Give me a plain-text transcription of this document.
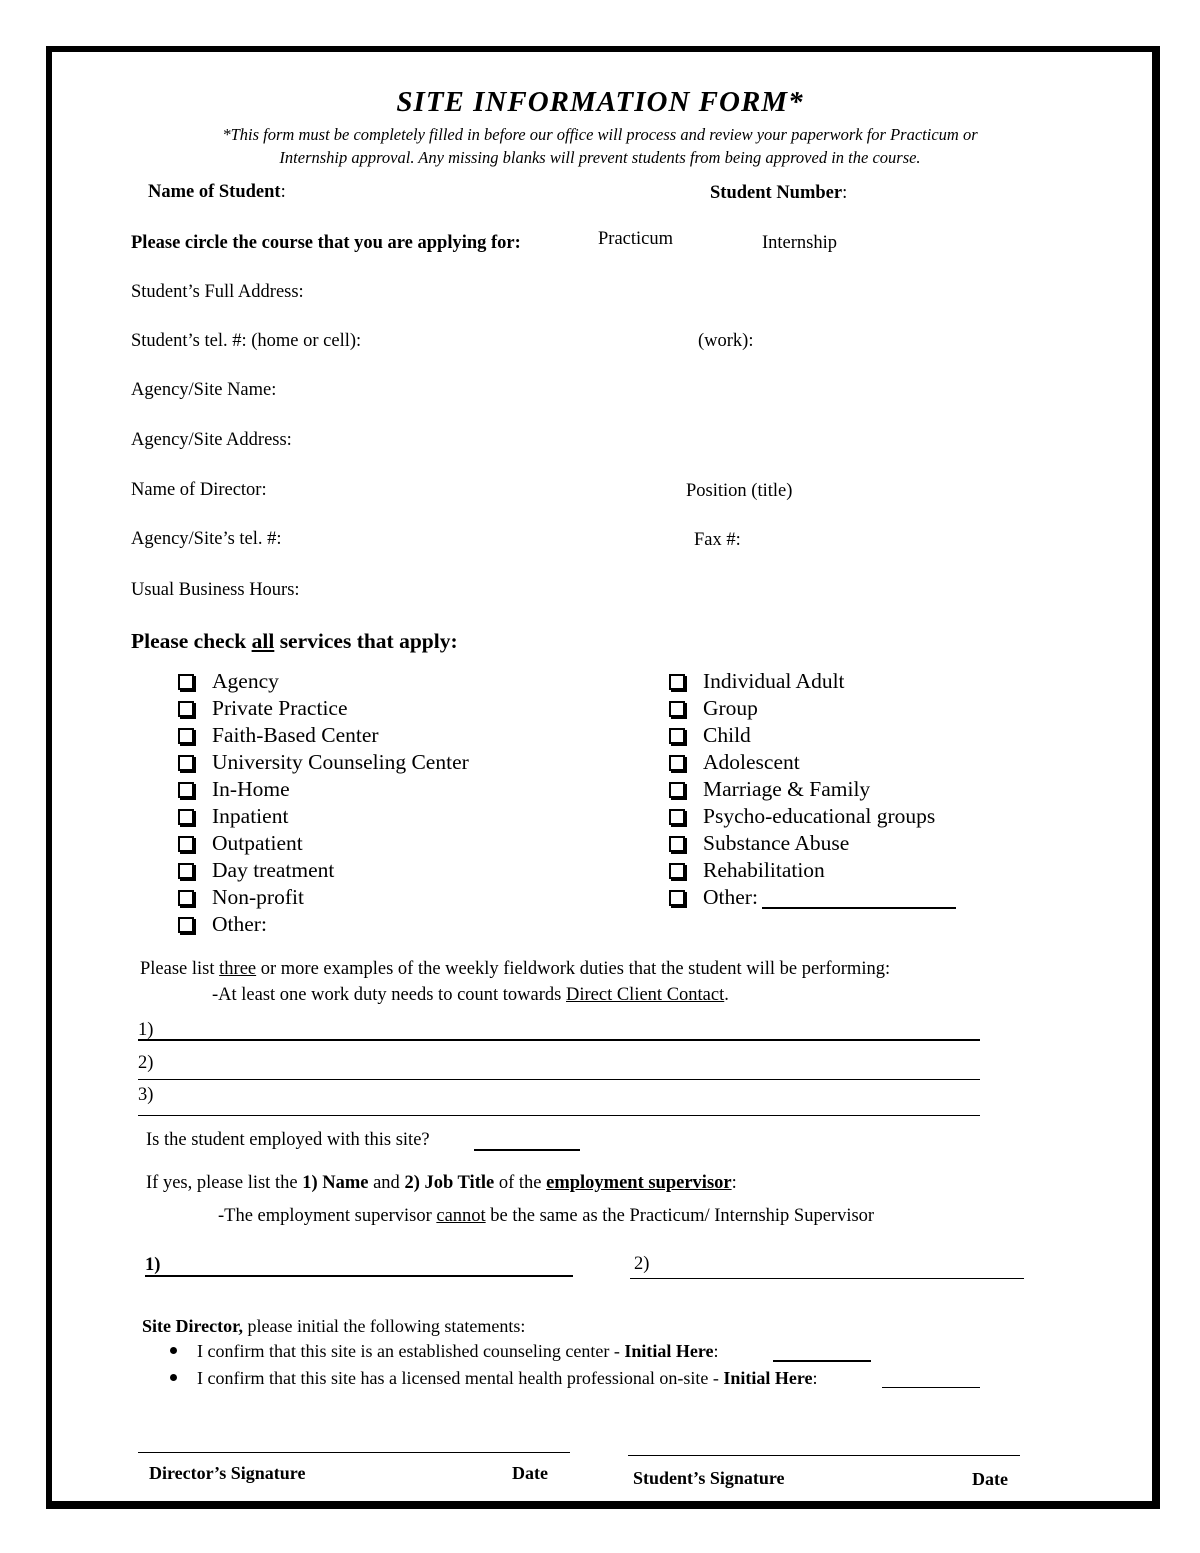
SITE INFORMATION FORM*
*This form must be completely filled in before our office will process and review your paperwork for Practicum or
Internship approval. Any missing blanks will prevent students from being approved in the course.
Name of Student:	Student Number:
Please circle the course that you are applying for:	Practicum	Internship
Student’s Full Address:
Student’s tel. #: (home or cell):	(work):
Agency/Site Name:
Agency/Site Address:
Name of Director:	Position (title)
Agency/Site’s tel. #:	Fax #:
Usual Business Hours:
Please check all services that apply:
Agency
Private Practice
Faith-Based Center
University Counseling Center
In-Home
Inpatient
Outpatient
Day treatment
Non-profit
Other:
Individual Adult
Group
Child
Adolescent
Marriage & Family
Psycho-educational groups
Substance Abuse
Rehabilitation
Other:
Please list three or more examples of the weekly fieldwork duties that the student will be performing:
-At least one work duty needs to count towards Direct Client Contact.
1)
2)
3)
Is the student employed with this site?
If yes, please list the 1) Name and 2) Job Title of the employment supervisor:
-The employment supervisor cannot be the same as the Practicum/ Internship Supervisor
1)	2)
Site Director, please initial the following statements:
I confirm that this site is an established counseling center - Initial Here:
I confirm that this site has a licensed mental health professional on-site - Initial Here:
Director’s Signature	Date	Student’s Signature	Date
